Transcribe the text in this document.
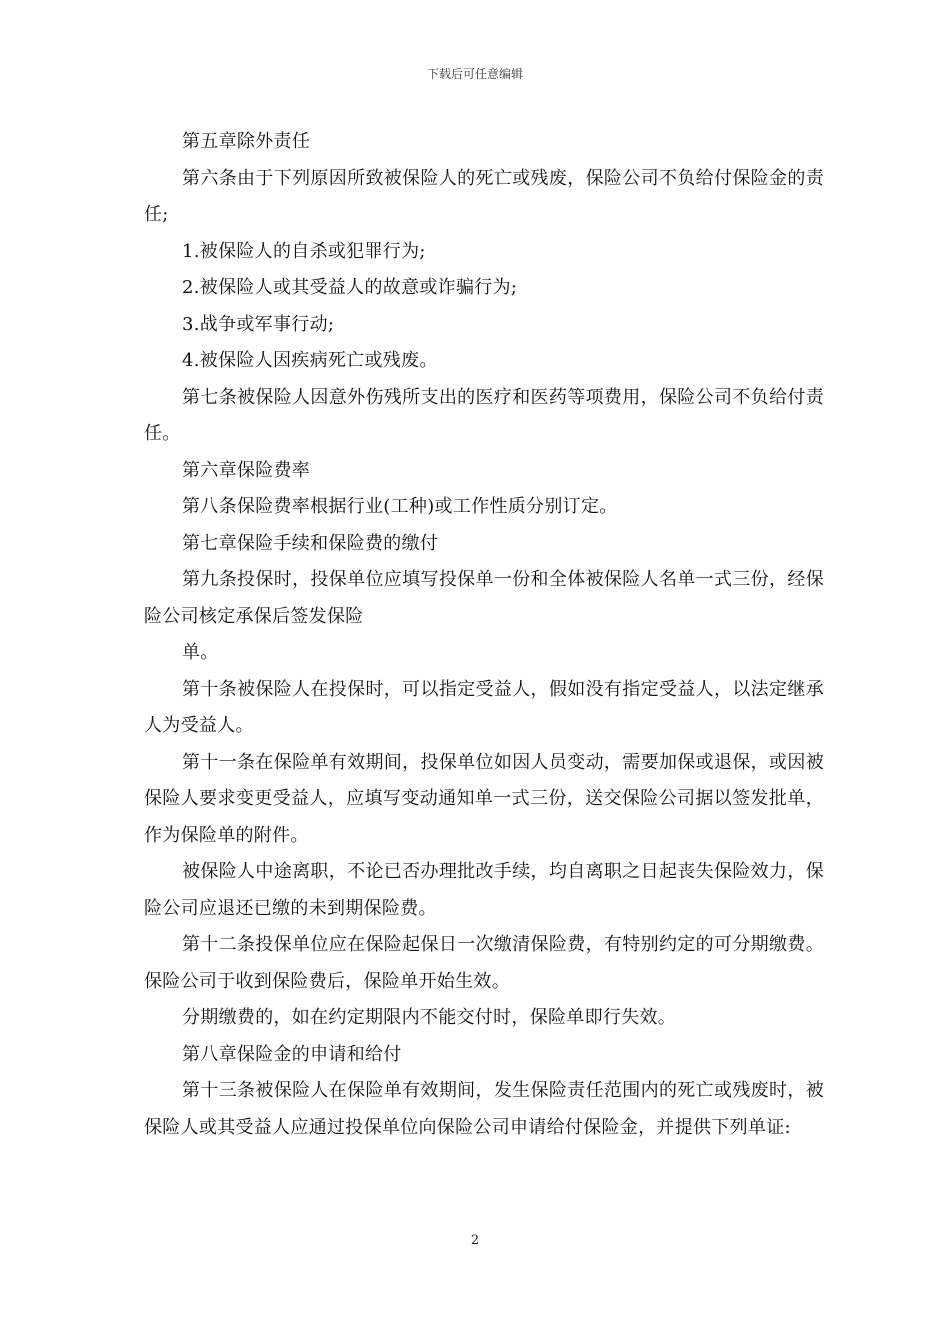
下载后可任意编辑

第五章除外责任

第六条由于下列原因所致被保险人的死亡或残废，保险公司不负给付保险金的责任;

1.被保险人的自杀或犯罪行为;

2.被保险人或其受益人的故意或诈骗行为;

3.战争或军事行动;

4.被保险人因疾病死亡或残废。

第七条被保险人因意外伤残所支出的医疗和医药等项费用，保险公司不负给付责任。

第六章保险费率

第八条保险费率根据行业(工种)或工作性质分别订定。

第七章保险手续和保险费的缴付

第九条投保时，投保单位应填写投保单一份和全体被保险人名单一式三份，经保险公司核定承保后签发保险

单。

第十条被保险人在投保时，可以指定受益人，假如没有指定受益人，以法定继承人为受益人。

第十一条在保险单有效期间，投保单位如因人员变动，需要加保或退保，或因被保险人要求变更受益人，应填写变动通知单一式三份，送交保险公司据以签发批单，作为保险单的附件。

被保险人中途离职，不论已否办理批改手续，均自离职之日起丧失保险效力，保险公司应退还已缴的未到期保险费。

第十二条投保单位应在保险起保日一次缴清保险费，有特别约定的可分期缴费。保险公司于收到保险费后，保险单开始生效。

分期缴费的，如在约定期限内不能交付时，保险单即行失效。

第八章保险金的申请和给付

第十三条被保险人在保险单有效期间，发生保险责任范围内的死亡或残废时，被保险人或其受益人应通过投保单位向保险公司申请给付保险金，并提供下列单证:

2
